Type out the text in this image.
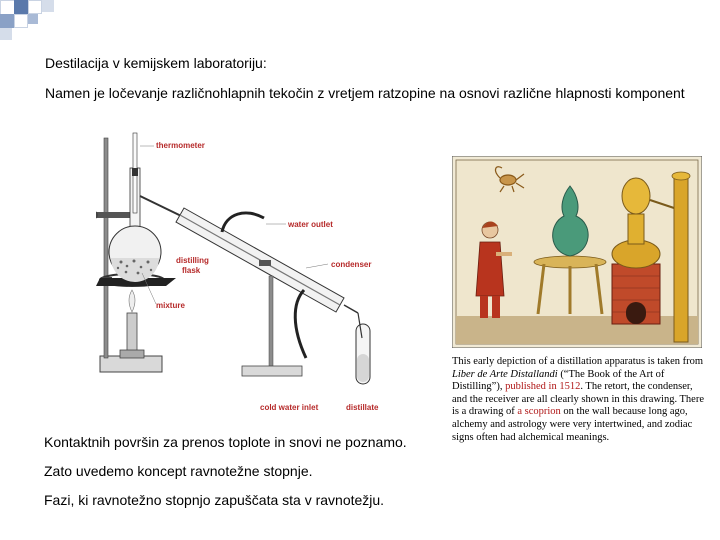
Destilacija v kemijskem laboratoriju:
Namen je ločevanje različnohlapnih tekočin z vretjem ratzopine na osnovi različne hlapnosti komponent
thermometer
water outlet
distilling
flask
condenser
mixture
cold water inlet	distillate
Kontaktnih površin za prenos toplote in snovi ne poznamo.
Zato uvedemo koncept ravnotežne stopnje.
Fazi, ki ravnotežno stopnjo zapuščata sta v ravnotežju.
This early depiction of a distillation apparatus is taken from Liber de Arte Distallandi (“The Book of the Art of Distilling”), published in 1512. The retort, the condenser, and the receiver are all clearly shown in this drawing. There is a drawing of a scoprion on the wall because long ago, alchemy and astrology were very intertwined, and zodiac signs often had alchemical meanings.
